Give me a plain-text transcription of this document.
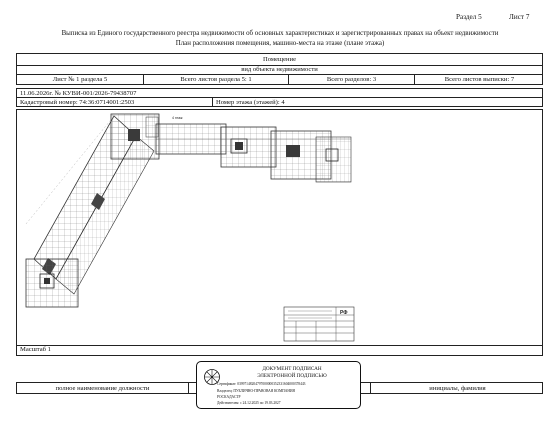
Раздел 5	Лист 7
Выписка из Единого государственного реестра недвижимости об основных характеристиках и зарегистрированных правах на объект недвижимости
План расположения помещения, машино-места на этаже (плане этажа)
Помещение
вид объекта недвижимости
Лист № 1 раздела 5	Всего листов раздела 5: 1	Всего разделов: 3	Всего листов выписки: 7
11.06.2026г. № КУВИ-001/2026-79438707
Кадастровый номер: 74:36:0714001:2503	Номер этажа (этажей): 4
Масштаб 1
4 этаж
РФ
полное наименование должности	инициалы, фамилия
ДОКУМЕНТ ПОДПИСАН
ЭЛЕКТРОННОЙ ПОДПИСЬЮ
Сертификат: 03997148204797000000352331604000378443
Владелец: ПУБЛИЧНО-ПРАВОВАЯ КОМПАНИЯ
РОСКАДАСТР
Действителен: с 24.12.2025 по 19.03.2027
